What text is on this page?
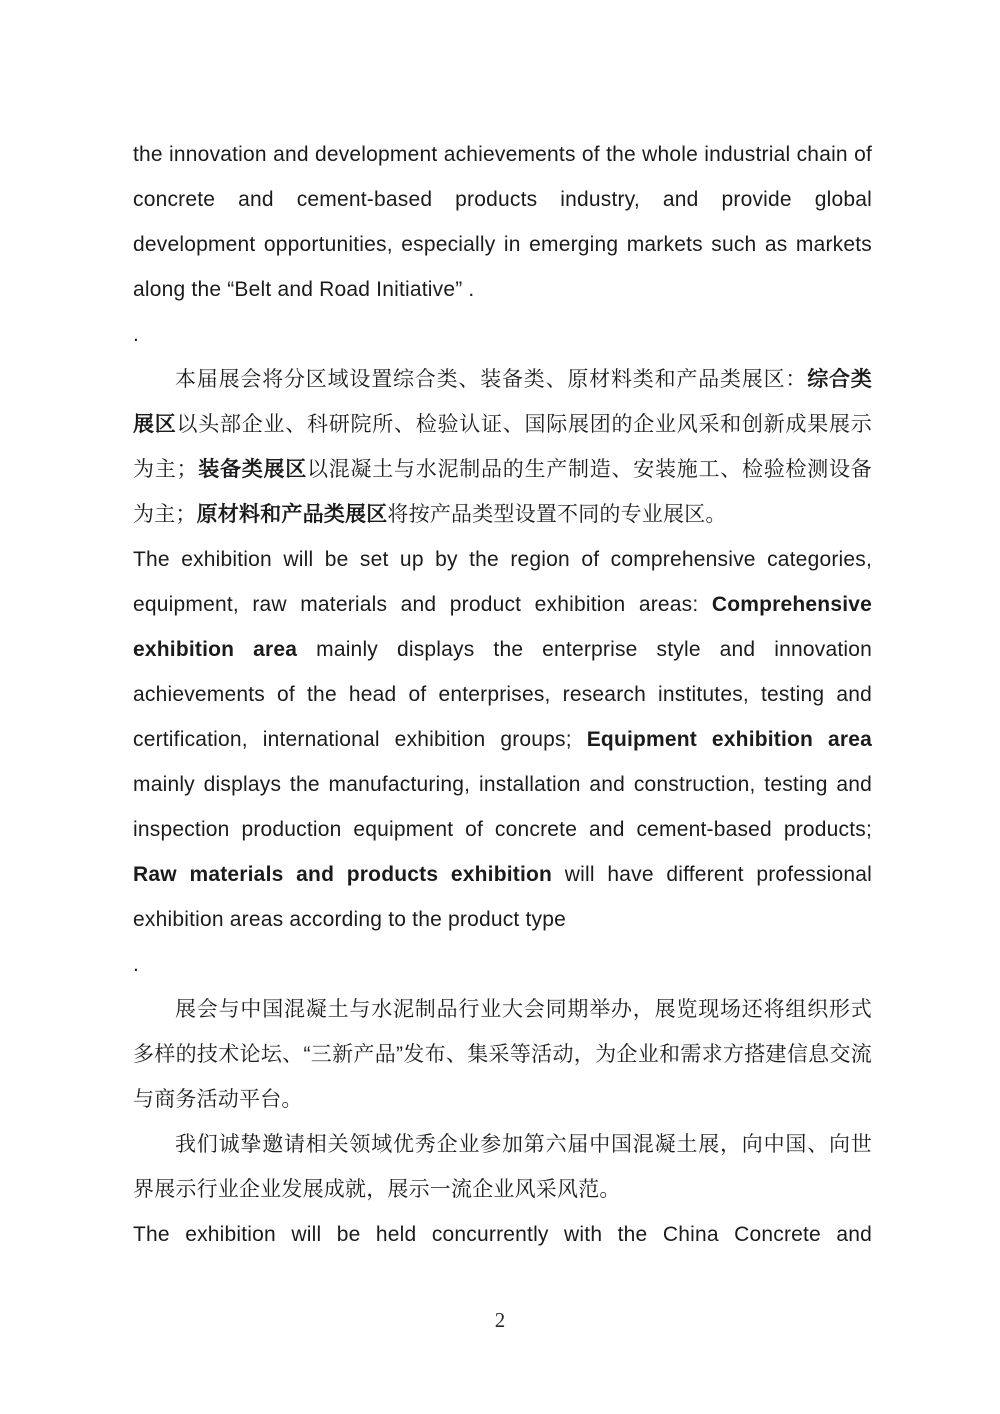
the innovation and development achievements of the whole industrial chain of concrete and cement-based products industry, and provide global development opportunities, especially in emerging markets such as markets along the “Belt and Road Initiative” .

.

本届展会将分区域设置综合类、装备类、原材料类和产品类展区：综合类展区以头部企业、科研院所、检验认证、国际展团的企业风采和创新成果展示为主；装备类展区以混凝土与水泥制品的生产制造、安装施工、检验检测设备为主；原材料和产品类展区将按产品类型设置不同的专业展区。

The exhibition will be set up by the region of comprehensive categories, equipment, raw materials and product exhibition areas: Comprehensive exhibition area mainly displays the enterprise style and innovation achievements of the head of enterprises, research institutes, testing and certification, international exhibition groups; Equipment exhibition area mainly displays the manufacturing, installation and construction, testing and inspection production equipment of concrete and cement-based products; Raw materials and products exhibition will have different professional exhibition areas according to the product type

.

展会与中国混凝土与水泥制品行业大会同期举办，展览现场还将组织形式多样的技术论坛、“三新产品”发布、集采等活动，为企业和需求方搭建信息交流与商务活动平台。

我们诚挚邀请相关领域优秀企业参加第六届中国混凝土展，向中国、向世界展示行业企业发展成就，展示一流企业风采风范。

The exhibition will be held concurrently with the China Concrete and

2
